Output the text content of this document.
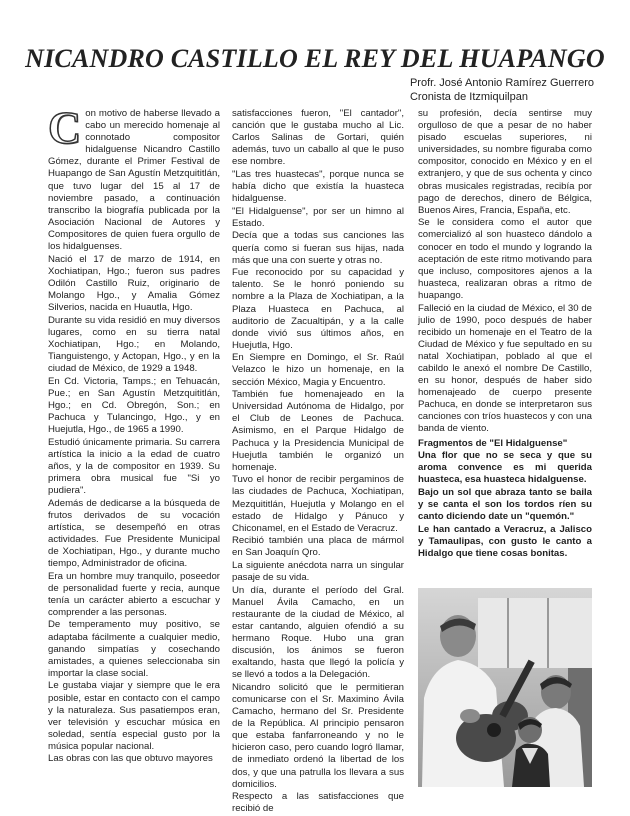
NICANDRO CASTILLO EL REY DEL HUAPANGO
Profr. José Antonio Ramírez Guerrero
Cronista de Itzmiquilpan

Con motivo de haberse llevado a cabo un merecido homenaje al connotado compositor hidalguense Nicandro Castillo Gómez, durante el Primer Festival de Huapango de San Agustín Metzquititlán, que tuvo lugar del 15 al 17 de noviembre pasado, a continuación transcribo la biografía publicada por la Asociación Nacional de Autores y Compositores de quien fuera orgullo de los hidalguenses.

Nació el 17 de marzo de 1914, en Xochiatipan, Hgo.; fueron sus padres Odilón Castillo Ruiz, originario de Molango Hgo., y Amalia Gómez Silverios, nacida en Huautla, Hgo.

Durante su vida residió en muy diversos lugares, como en su tierra natal Xochiatipan, Hgo.; en Molando, Tianguistengo, y Actopan, Hgo., y en la ciudad de México, de 1929 a 1948.

En Cd. Victoria, Tamps.; en Tehuacán, Pue.; en San Agustín Metzquititlán, Hgo.; en Cd. Obregón, Son.; en Pachuca y Tulancingo, Hgo., y en Huejutla, Hgo., de 1965 a 1990.

Estudió únicamente primaria. Su carrera artística la inicio a la edad de cuatro años, y la de compositor en 1939. Su primera obra musical fue "Si yo pudiera".

Además de dedicarse a la búsqueda de frutos derivados de su vocación artística, se desempeñó en otras actividades. Fue Presidente Municipal de Xochiatipan, Hgo., y durante mucho tiempo, Administrador de oficina.

Era un hombre muy tranquilo, poseedor de personalidad fuerte y recia, aunque tenía un carácter abierto a escuchar y comprender a las personas.

De temperamento muy positivo, se adaptaba fácilmente a cualquier medio, ganando simpatías y cosechando amistades, a quienes seleccionaba sin importar la clase social.

Le gustaba viajar y siempre que le era posible, estar en contacto con el campo y la naturaleza. Sus pasatiempos eran, ver televisión y escuchar música en soledad, sentía especial gusto por la música popular nacional.

Las obras con las que obtuvo mayores

satisfacciones fueron, "El cantador", canción que le gustaba mucho al Lic. Carlos Salinas de Gortari, quién además, tuvo un caballo al que le puso ese nombre.

"Las tres huastecas", porque nunca se había dicho que existía la huasteca hidalguense.

"El Hidalguense", por ser un himno al Estado.

Decía que a todas sus canciones las quería como si fueran sus hijas, nada más que una con suerte y otras no.

Fue reconocido por su capacidad y talento. Se le honró poniendo su nombre a la Plaza de Xochiatipan, a la Plaza Huasteca en Pachuca, al auditorio de Zacualtipán, y a la calle donde vivió sus últimos años, en Huejutla, Hgo.

En Siempre en Domingo, el Sr. Raúl Velazco le hizo un homenaje, en la sección México, Magia y Encuentro.

También fue homenajeado en la Universidad Autónoma de Hidalgo, por el Club de Leones de Pachuca. Asimismo, en el Parque Hidalgo de Pachuca y la Presidencia Municipal de Huejutla también le organizó un homenaje.

Tuvo el honor de recibir pergaminos de las ciudades de Pachuca, Xochiatipan, Mezquititlán, Huejutla y Molango en el estado de Hidalgo y Pánuco y Chiconamel, en el Estado de Veracruz.

Recibió también una placa de mármol en San Joaquín Qro.

La siguiente anécdota narra un singular pasaje de su vida.

Un día, durante el período del Gral. Manuel Ávila Camacho, en un restaurante de la ciudad de México, al estar cantando, alguien ofendió a su hermano Roque. Hubo una gran discusión, los ánimos se fueron exaltando, hasta que llegó la policía y se llevó a todos a la Delegación.

Nicandro solicitó que le permitieran comunicarse con el Sr. Maximino Ávila Camacho, hermano del Sr. Presidente de la República. Al principio pensaron que estaba fanfarroneando y no le hicieron caso, pero cuando logró llamar, de inmediato ordenó la libertad de los dos, y que una patrulla los llevara a sus domicilios.

Respecto a las satisfacciones que recibió de

su profesión, decía sentirse muy orgulloso de que a pesar de no haber pisado escuelas superiores, ni universidades, su nombre figuraba como compositor, conocido en México y en el extranjero, y que de sus ochenta y cinco obras musicales registradas, recibía por pago de derechos, dinero de Bélgica, Buenos Aires, Francia, España, etc.

Se le considera como el autor que comercializó al son huasteco dándolo a conocer en todo el mundo y logrando la aceptación de este ritmo motivando para que incluso, compositores ajenos a la huasteca, realizaran obras a ritmo de huapango.

Falleció en la ciudad de México, el 30 de julio de 1990, poco después de haber recibido un homenaje en el Teatro de la Ciudad de México y fue sepultado en su natal Xochiatipan, poblado al que el cabildo le anexó el nombre De Castillo, en su honor, después de haber sido homenajeado de cuerpo presente Pachuca, en donde se interpretaron sus canciones con tríos huastecos y con una banda de viento.

Fragmentos de "El Hidalguense"

Una flor que no se seca y que su aroma convence es mi querida huasteca, esa huasteca hidalguense.

Bajo un sol que abraza tanto se baila y se canta el son los tordos ríen su canto diciendo date un "quemón."

Le han cantado a Veracruz, a Jalisco y Tamaulipas, con gusto le canto a Hidalgo que tiene cosas bonitas.
